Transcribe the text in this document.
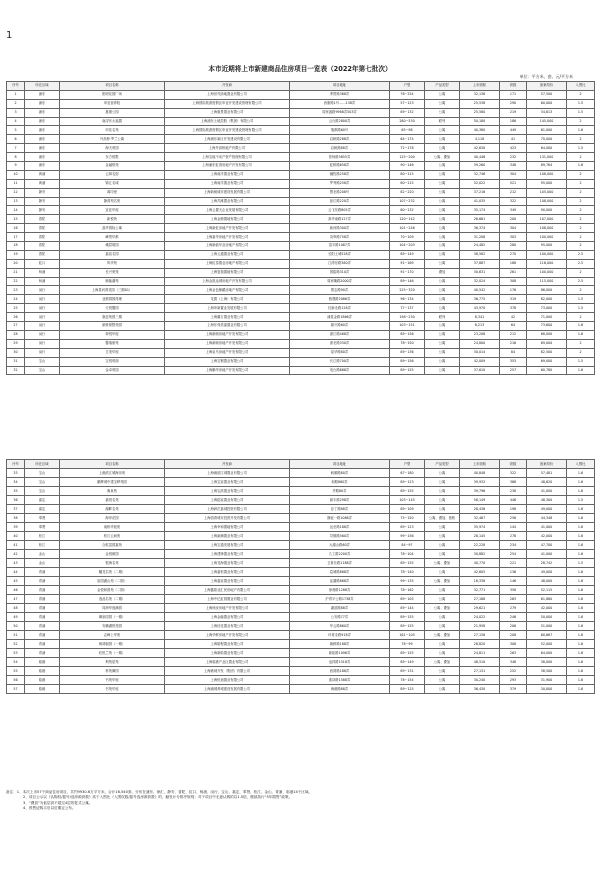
1
本市近期将上市新建商品住房项目一览表（2022年第七批次）
单位：平方米、套、元/平方米
序号	所在区域	项目名称	开发商	项目地址	户型	产品类型	上市面积	套数	备案均价	入围比
1	浦东	阳明花园广场	上海世茂绿地置业有限公司	季景路368弄	76~254	公寓	32,136	171	57,500	2
2	浦东	申亚营养院	上海国际旅游度假区申亚开发建设管理有限公司	西康路1号……138弄	57~123	公寓	25,538	290	60,000	1.5
3	浦东	惠康公园	上海惠景置业有限公司	周家渡路9988弄503弄	89~132	公寓	25,580	219	34,613	1.5
4	浦东	南浔东太福置	上海浦东土地控股（集团）有限公司	云台路2800弄	280~530	联列	50,180	186	145,000	2
5	浦东	申花名苑	上海国际旅游度假区申亚开发建设管理有限公司	瑞都路60号	65~98	公寓	40,380	449	61,000	1.6
6	浦东	外高桥·罗兰公寓	上海浦东新区开发建设有限公司	启帆路288弄	64~174	公寓	4,118	41	70,000	2
7	浦东	海天苑园	上海外高桥地产有限公司	启帆路88弄	72~178	公寓	42,630	423	64,000	1.5
8	浦东	东方悦墅	上海宝地不动产资产管理有限公司	张杨路5855弄	125~200	公寓、叠加	40,446	232	131,000	2
9	浦东	金融悦苑	上海浦东虹湾房地产开发有限公司	虹桥路658弄	90~146	公寓	39,260	348	89,784	1.6
10	黄浦	云林名邸	上海南洋置业有限公司	骊牧路258弄	80~115	公寓	32,746	304	108,000	2
11	黄浦	锦汇名城	上海南洋置业有限公司	罗秀路258弄	80~115	公寓	52,022	521	95,000	2
12	静安	鸿印里	上海新闸城市建设发展有限公司	慧北路208号	82~220	公寓	37,216	212	105,000	2
13	静安	静湾苑名苑	上海苏滩置业有限公司	彭江路220弄	107~232	公寓	41,035	322	108,000	2
14	静安	宜佳华庭	上海云置天企业发展有限公司	云飞东路805弄	60~132	公寓	35,174	349	90,000	2
15	普陀	新悦苑	上海金鼎置地有限公司	真华南路127弄	120~142	公寓	26,661	200	107,000	2
16	普陀	晶华园际公寓	上海新虹房地产开发有限公司	新河路300弄	101~246	公寓	36,374	304	108,000	2
17	普陀	峰景华都	上海嘉华房地产开发有限公司	岚皋路758弄	70~109	公寓	31,208	303	100,000	2
18	普陀	峨眉胡园	上海新能华业房地产有限公司	富平路1087弄	104~203	公寓	24,482	280	95,000	2
19	普陀	嘉宸名园	上海云通置业有限公司	长阳土城528弄	89~149	公寓	38,582	270	100,000	2.5
20	虹口	风华苑	上海虹泰置业房地产有限公司	江湾东路380弄	91~169	公寓	37,887	188	116,000	2.5
21	杨浦	长兴苑苑	上海复瑞置地有限公司	国铭路310弄	91~170	叠加	30,631	261	100,000	2
22	杨浦	颐能湖苑	上海金凯达城房地产开发有限公司	周家嘴路2000弄	89~146	公寓	32,024	308	115,000	2.5
23	闵行	上海星河湾花园（三期01）	上海金色鼎藏房地产有限公司	图志路90弄	225~320	公寓	40,542	176	86,000	2
24	闵行	亚鼎园园得理	龙置（上海）有限公司	瓶观路2086弄	96~134	公寓	36,775	319	82,000	1.5
25	闵行	天悦馨园	上海申新置业发展有限公司	杜新北路128弄	77~137	公寓	43,970	378	73,000	1.5
26	闵行	旗忠苑园三期	上海翼万置业有限公司	浦星金路1866弄	198~230	联列	8,341	42	71,000	2
27	闵行	颖桥豪墅苑园	上海东苑美嘉置业有限公司	颖兴路60弄	103~151	公寓	8,213	64	73,600	1.6
28	闵行	翠悦华庭	上海新颐房地产开发有限公司	浙江路468弄	89~156	公寓	23,208	212	68,000	1.6
29	闵行	馨瑞豪苑	上海新颐房地产开发有限公司	浙北路330弄	78~150	公寓	24,800	216	69,000	2
30	闵行	古美华庭	上海皇马房地产开发有限公司	星华路80弄	89~136	公寓	30,014	84	82,500	2
31	宝山	宝悦苑阁	上海宝钢置业有限公司	长江路700弄	89~156	公寓	42,009	353	69,000	1.5
32	宝山	金卓苑园	上海鹏华房地产开发有限公司	电台路688弄	89~155	公寓	37,610	257	60,780	1.6
序号	所在区域	项目名称	开发商	项目地址	户型	产品类型	上市面积	套数	备案均价	入围比
33	宝山	上港滨江城海乐苑	上海港滨江城置业有限公司	帆顺路80弄	67~180	公寓	40,848	322	57,481	1.6
34	宝山	鹏辉城中建宝晔苑园	上海宝宸置业有限公司	和路860弄	89~123	公寓	39,932	368	48,620	1.6
35	宝山	淘泉苑	上海宝滨置业有限公司	亭路80弄	89~155	公寓	39,796	238	41,000	1.6
36	嘉定	嘉悦名苑	上海铭宸置业有限公司	源丰路298弄	103~145	公寓	58,149	446	48,300	1.5
37	嘉定	湖畔名苑	上海润庄嘉城投资有限公司	存丁路88弄	89~109	公寓	28,436	198	49,000	1.6
38	奉贤	海岸花园	上海清湾城市投资开发有限公司	静谊一路1086弄	75~150	公寓、叠加、独栋	32,467	256	44,348	1.6
39	奉贤	南桥华庭苑	上海幸和置地有限公司	运至路188弄	89~123	公寓	35,974	144	41,000	1.6
40	松江	松江云间苑	上海新潮置业有限公司	导德路560弄	99~156	公寓	28,145	278	42,000	1.6
41	松江	合乾富园嘉苑	上海宝通发展有限公司	大湖山路60弄	84~97	公寓	22,228	234	47,700	1.6
42	金山	金悦朗园	上海建锋置业有限公司	九工路2200弄	78~104	公寓	30,882	254	41,000	1.6
43	金山	银海名苑	上海龙海置业有限公司	卫育北路1188弄	89~155	公寓、叠加	40,770	221	28,742	1.5
44	青浦	蟠龙名苑（二期）	上海嘉恒置业有限公司	葛城路888弄	78~140	公寓	42,605	136	49,000	1.6
45	青浦	宸园湖山苑（二期）	上海嘉宸置业有限公司	淀湖路888弄	99~135	公寓、叠加	18,338	146	48,000	1.6
46	青浦	金悦和园苑（二期）	上海鑫基业汇民房地产有限公司	徐巷路1288弄	78~162	公寓	32,771	358	52,115	1.6
47	青浦	逸品名苑（二期）	上海中亿虹园置业有限公司	沪青平公路1738弄	89~105	公寓	27,188	263	61,880	1.6
48	青浦	同润华庭满园	上海徐汝房地产开发有限公司	湖滨路88弄	89~144	公寓、叠加	29,621	279	42,000	1.6
49	青浦	御泉园园（一期）	上海金融置业有限公司	公安路77弄	89~155	公寓	24,022	246	50,000	1.6
50	青浦	安鹏湖悦苑园	上海信佳置业有限公司	华云路860弄	89~155	公寓	21,958	206	51,000	1.6
51	青浦	志峰上华苑	上海华鲜房地产开发有限公司	环青北路918弄	161~105	公寓、叠加	27,158	208	60,667	1.6
52	青浦	朗鸿朝园（一期）	上海皓程置业有限公司	朝鲜路188弄	78~99	公寓	28,820	308	52,000	1.6
53	青浦	旺悦兰苑（一期）	上海新皓置业有限公司	新拓路1096弄	89~155	公寓	24,811	263	64,000	1.6
54	临港	利苑星苑	上海临港产业区置业有限公司	沧祥路1518弄	89~149	公寓、叠加	48,510	348	38,000	1.6
55	临港	科苑御园	上海港城开发（集团）有限公司	西湾路188弄	89~131	公寓	27,131	252	38,500	1.6
56	临港	书苑华庭	上海恒迪置业有限公司	淮泽路1588弄	78~154	公寓	30,240	293	31,900	1.6
57	临港	书苑华庭	上海浦城养城建设发展有限公司	海港路88弄	89~125	公寓	36,430	379	30,000	1.6

备注：1、本次上市57个商品住房项目，共约9930.6万平方米，合计16,540套。分布在浦东、徐汇、静安、普陀、虹口、杨浦、闵行、宝山、嘉定、奉贤、松江、金山、青浦、临港14个区域。

2、项目公示以《认购权/摇号/选房源套数》高于入围比《入围权数/摇号选房源套数》的，触发计分排序规则；对于项目中无意认购的以1.5倍，继续执行“5年限售”政策。

3、“叠加”为低层高不超过4层的复式公寓。

4、预售证购买后以后期定公布。
